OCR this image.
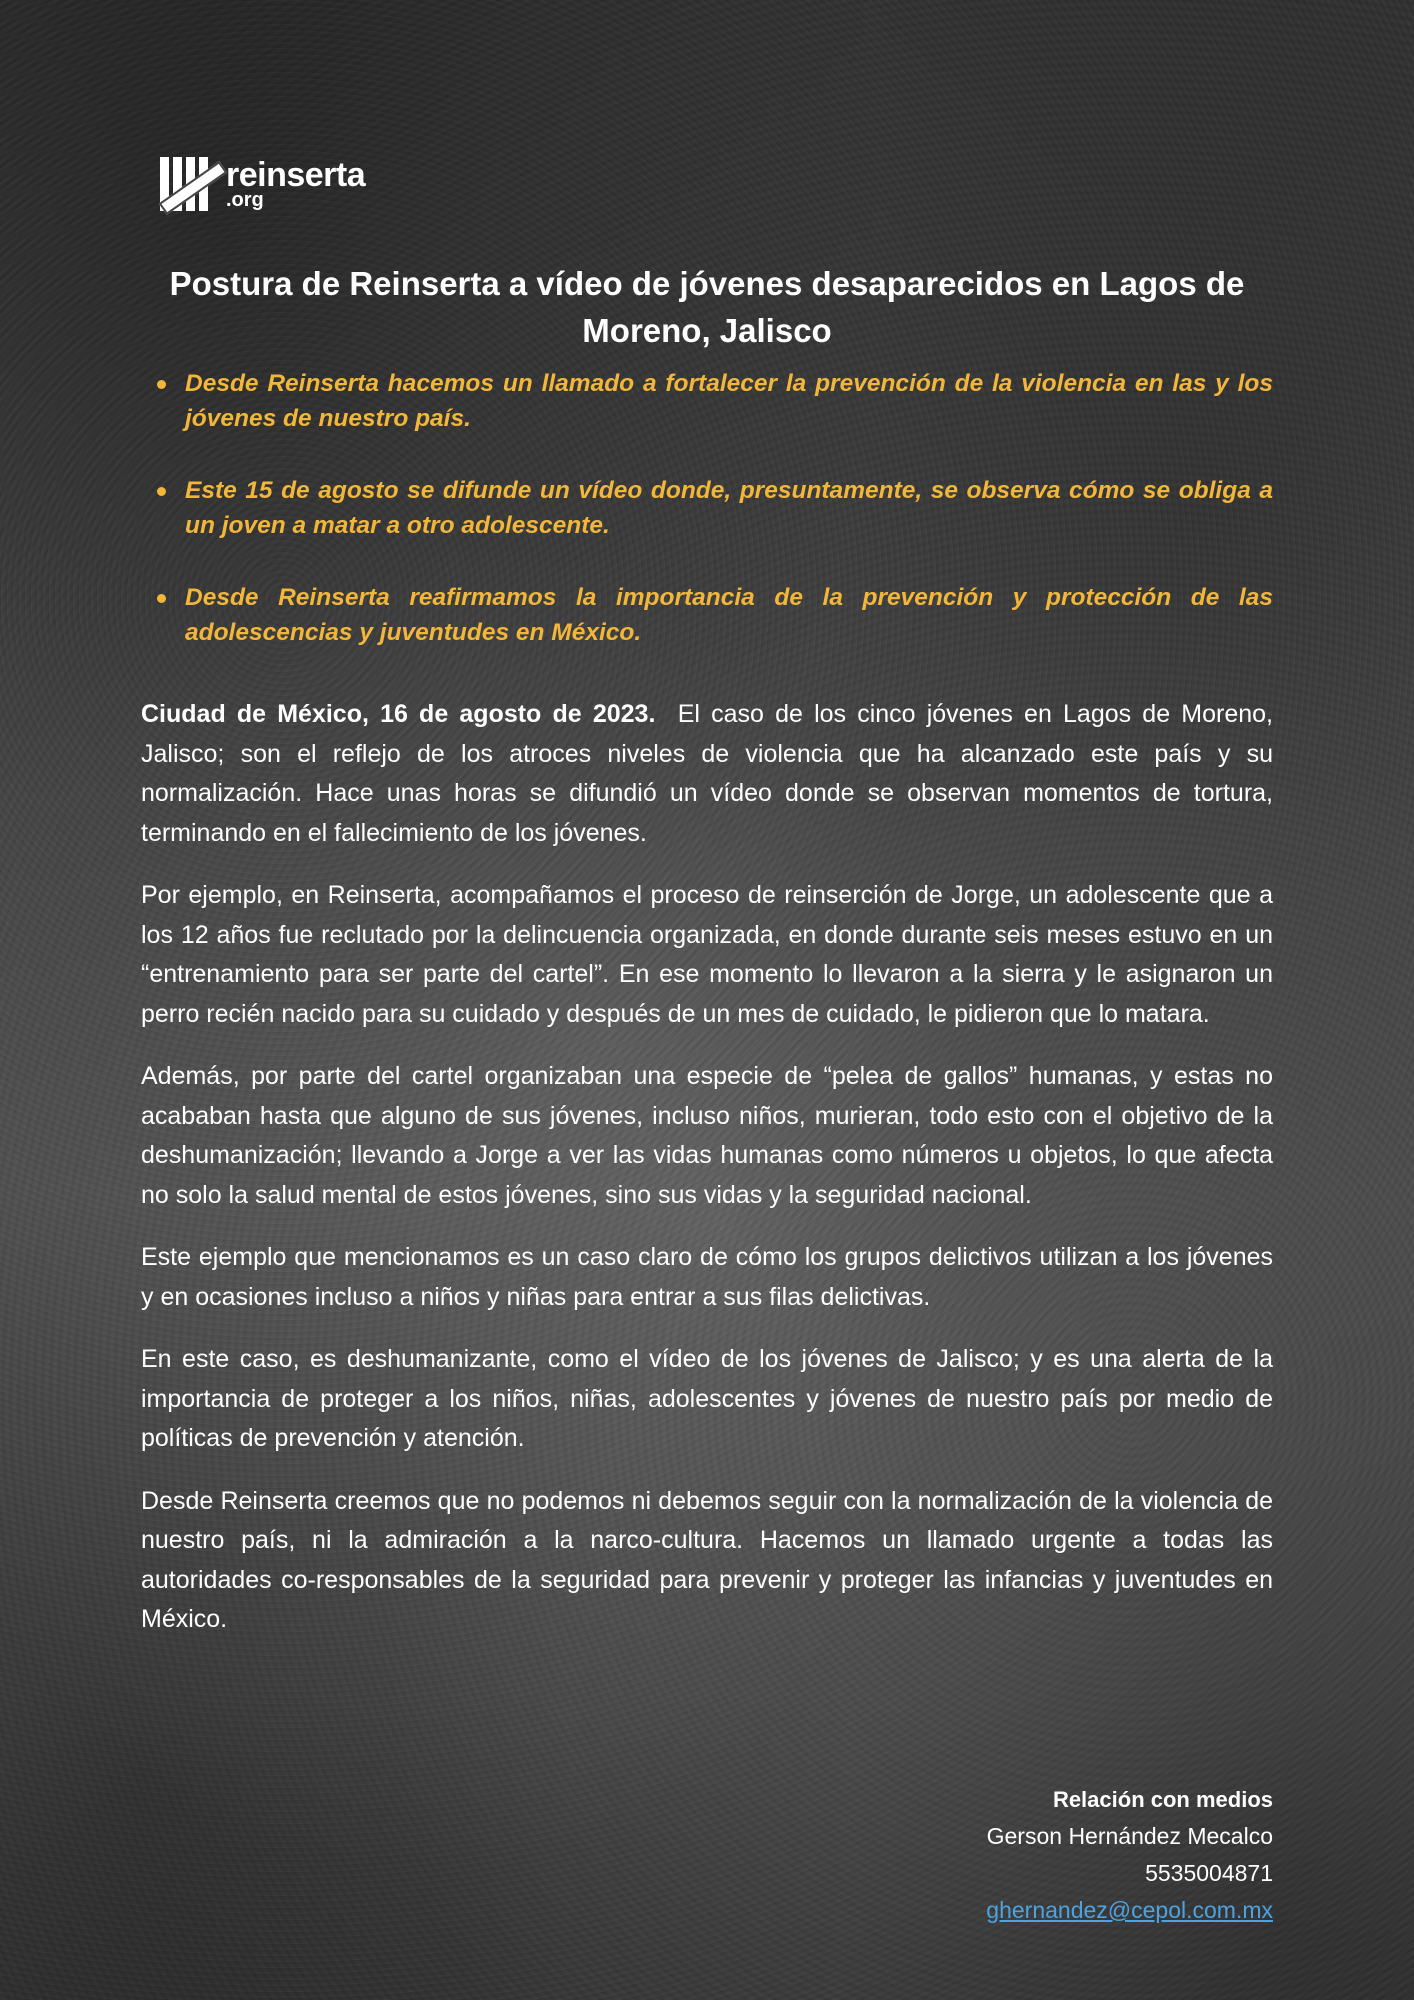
reinserta
.org
Postura de Reinserta a vídeo de jóvenes desaparecidos en Lagos de Moreno, Jalisco
Desde Reinserta hacemos un llamado a fortalecer la prevención de la violencia en las y los jóvenes de nuestro país.
Este 15 de agosto se difunde un vídeo donde, presuntamente, se observa cómo se obliga a un joven a matar a otro adolescente.
Desde Reinserta reafirmamos la importancia de la prevención y protección de las adolescencias y juventudes en México.

Ciudad de México, 16 de agosto de 2023. El caso de los cinco jóvenes en Lagos de Moreno, Jalisco; son el reflejo de los atroces niveles de violencia que ha alcanzado este país y su normalización. Hace unas horas se difundió un vídeo donde se observan momentos de tortura, terminando en el fallecimiento de los jóvenes.

Por ejemplo, en Reinserta, acompañamos el proceso de reinserción de Jorge, un adolescente que a los 12 años fue reclutado por la delincuencia organizada, en donde durante seis meses estuvo en un “entrenamiento para ser parte del cartel”. En ese momento lo llevaron a la sierra y le asignaron un perro recién nacido para su cuidado y después de un mes de cuidado, le pidieron que lo matara.

Además, por parte del cartel organizaban una especie de “pelea de gallos” humanas, y estas no acababan hasta que alguno de sus jóvenes, incluso niños, murieran, todo esto con el objetivo de la deshumanización; llevando a Jorge a ver las vidas humanas como números u objetos, lo que afecta no solo la salud mental de estos jóvenes, sino sus vidas y la seguridad nacional.

Este ejemplo que mencionamos es un caso claro de cómo los grupos delictivos utilizan a los jóvenes y en ocasiones incluso a niños y niñas para entrar a sus filas delictivas.

En este caso, es deshumanizante, como el vídeo de los jóvenes de Jalisco; y es una alerta de la importancia de proteger a los niños, niñas, adolescentes y jóvenes de nuestro país por medio de políticas de prevención y atención.

Desde Reinserta creemos que no podemos ni debemos seguir con la normalización de la violencia de nuestro país, ni la admiración a la narco-cultura. Hacemos un llamado urgente a todas las autoridades co-responsables de la seguridad para prevenir y proteger las infancias y juventudes en México.

Relación con medios
Gerson Hernández Mecalco
5535004871
ghernandez@cepol.com.mx
